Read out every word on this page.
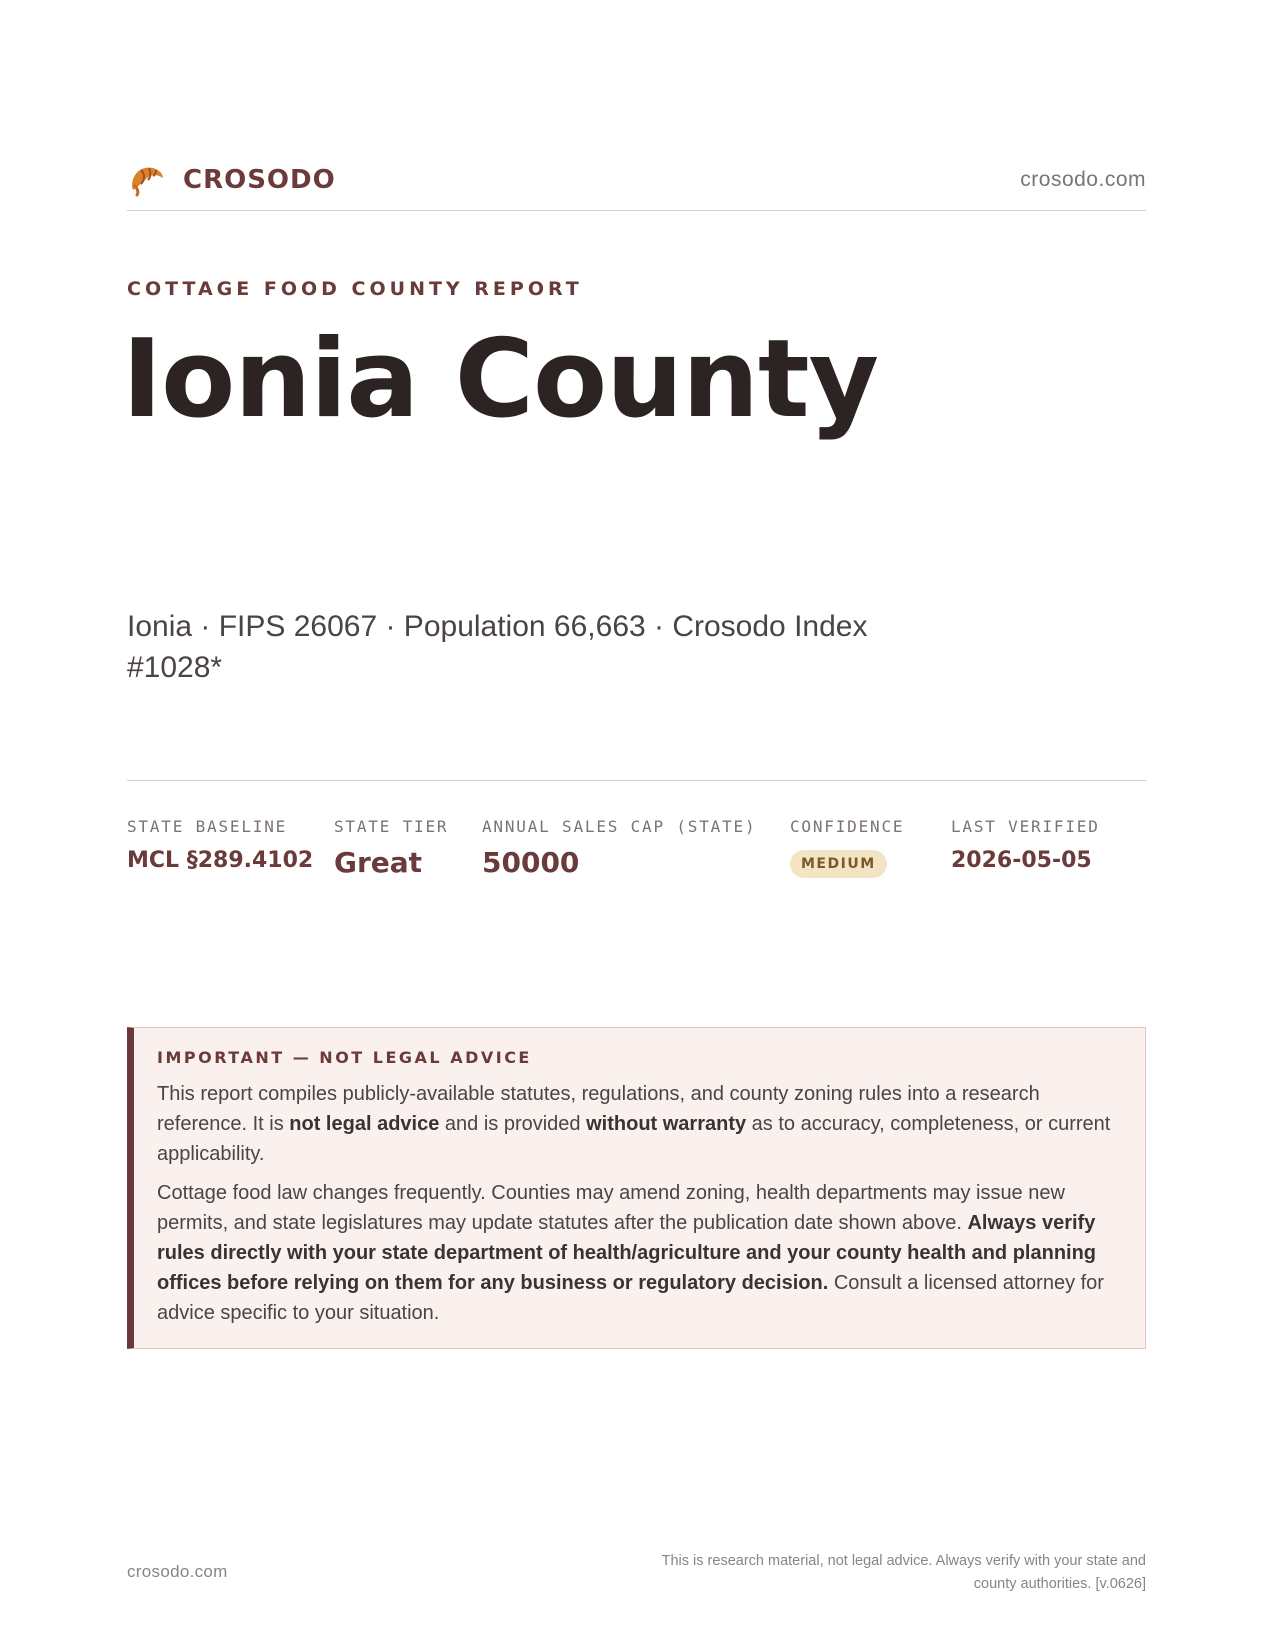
CROSODO	crosodo.com
COTTAGE FOOD COUNTY REPORT
Ionia County
Ionia · FIPS 26067 · Population 66,663 · Crosodo Index #1028*
STATE BASELINE
MCL §289.4102
STATE TIER
Great
ANNUAL SALES CAP (STATE)
50000
CONFIDENCE
MEDIUM
LAST VERIFIED
2026-05-05
IMPORTANT — NOT LEGAL ADVICE

This report compiles publicly-available statutes, regulations, and county zoning rules into a research reference. It is not legal advice and is provided without warranty as to accuracy, completeness, or current applicability.

Cottage food law changes frequently. Counties may amend zoning, health departments may issue new permits, and state legislatures may update statutes after the publication date shown above. Always verify rules directly with your state department of health/agriculture and your county health and planning offices before relying on them for any business or regulatory decision. Consult a licensed attorney for advice specific to your situation.

crosodo.com
This is research material, not legal advice. Always verify with your state and county authorities. [v.0626]
